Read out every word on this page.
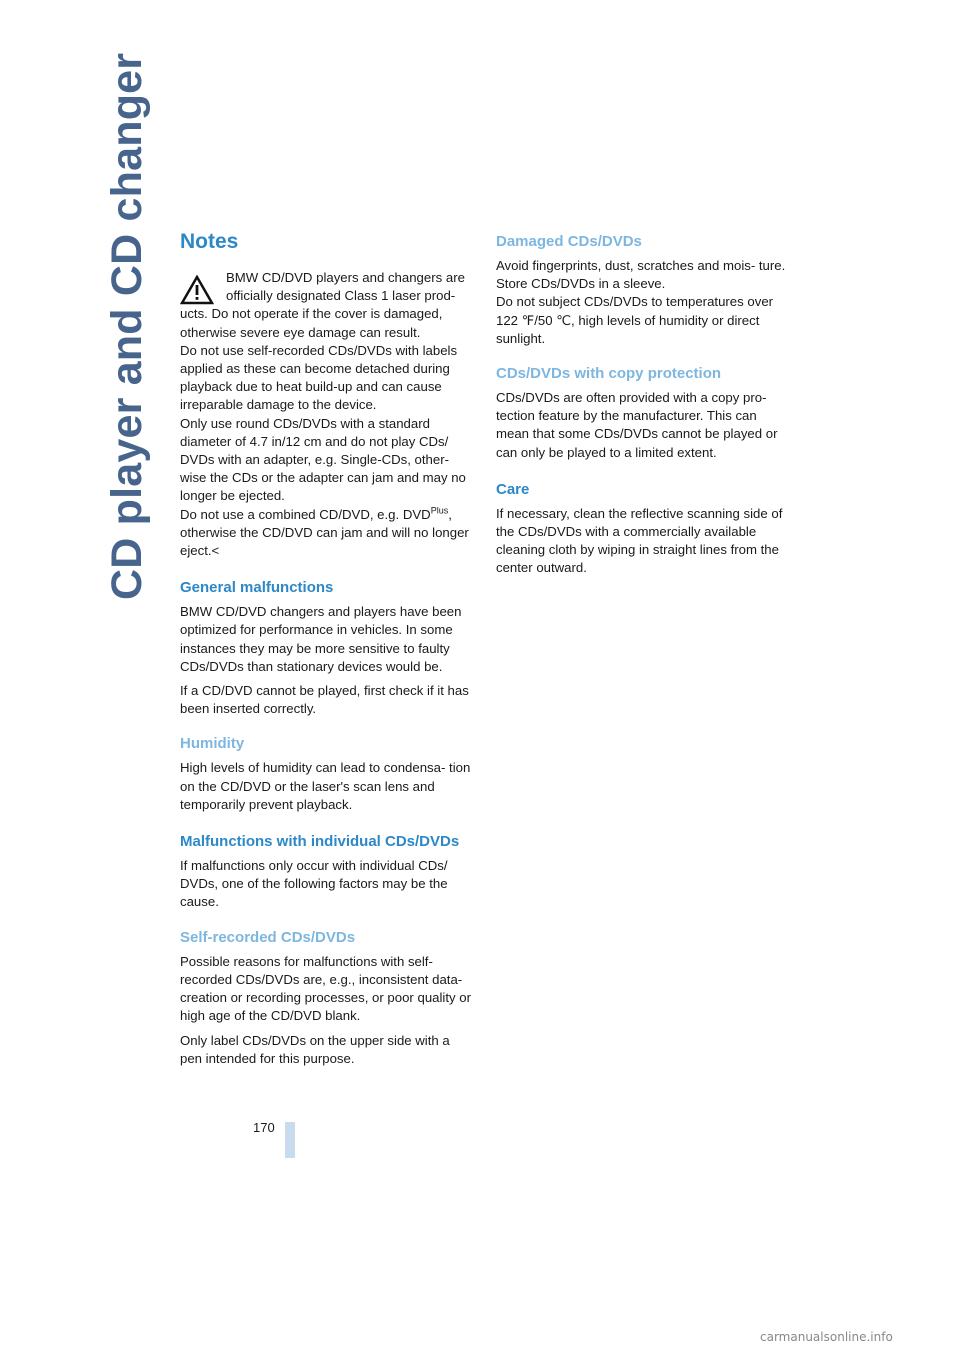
CD player and CD changer Notes

BMW CD/DVD players and changers are officially designated Class 1 laser prod- ucts. Do not operate if the cover is damaged, otherwise severe eye damage can result.

Do not use self-recorded CDs/DVDs with labels applied as these can become detached during playback due to heat build-up and can cause irreparable damage to the device.

Only use round CDs/DVDs with a standard diameter of 4.7 in/12 cm and do not play CDs/ DVDs with an adapter, e.g. Single-CDs, other- wise the CDs or the adapter can jam and may no longer be ejected.

Do not use a combined CD/DVD, e.g. $DVD^{Plus}$, otherwise the CD/DVD can jam and will no longer eject.<

General malfunctions

BMW CD/DVD changers and players have been optimized for performance in vehicles. In some instances they may be more sensitive to faulty CDs/DVDs than stationary devices would be.

If a CD/DVD cannot be played, first check if it has been inserted correctly.

Humidity

High levels of humidity can lead to condensa- tion on the CD/DVD or the laser's scan lens and temporarily prevent playback.

Malfunctions with individual CDs/DVDs

If malfunctions only occur with individual CDs/ DVDs, one of the following factors may be the cause.

Self-recorded CDs/DVDs

Possible reasons for malfunctions with self- recorded CDs/DVDs are, e.g., inconsistent data-creation or recording processes, or poor quality or high age of the CD/DVD blank.

Only label CDs/DVDs on the upper side with a pen intended for this purpose.

Damaged CDs/DVDs

Avoid fingerprints, dust, scratches and mois- ture.

Store CDs/DVDs in a sleeve.

Do not subject CDs/DVDs to temperatures over 122 ℉/50 ℃, high levels of humidity or direct sunlight.

CDs/DVDs with copy protection

CDs/DVDs are often provided with a copy pro- tection feature by the manufacturer. This can mean that some CDs/DVDs cannot be played or can only be played to a limited extent.

Care

If necessary, clean the reflective scanning side of the CDs/DVDs with a commercially available cleaning cloth by wiping in straight lines from the center outward.

170
carmanualsonline.info
